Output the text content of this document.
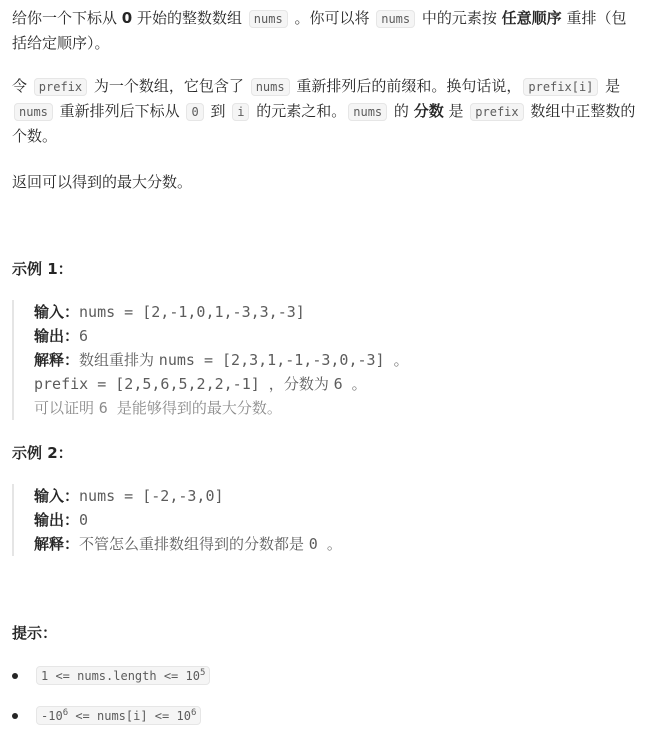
给你一个下标从 0 开始的整数数组 nums 。你可以将 nums 中的元素按 任意顺序 重排（包括给定顺序）。

令 prefix 为一个数组，它包含了 nums 重新排列后的前缀和。换句话说， prefix[i] 是 nums 重新排列后下标从 0 到 i 的元素之和。 nums 的 分数 是 prefix 数组中正整数的个数。

返回可以得到的最大分数。

示例 1：
输入：nums = [2,-1,0,1,-3,3,-3]
输出：6
解释：数组重排为 nums = [2,3,1,-1,-3,0,-3] 。
prefix = [2,5,6,5,2,2,-1] ，分数为 6 。
可以证明 6 是能够得到的最大分数。
示例 2：
输入：nums = [-2,-3,0]
输出：0
解释：不管怎么重排数组得到的分数都是 0 。
提示：
1 <= nums.length <= $10^5$
$-10^6$ <= nums[i] <= $10^6$
